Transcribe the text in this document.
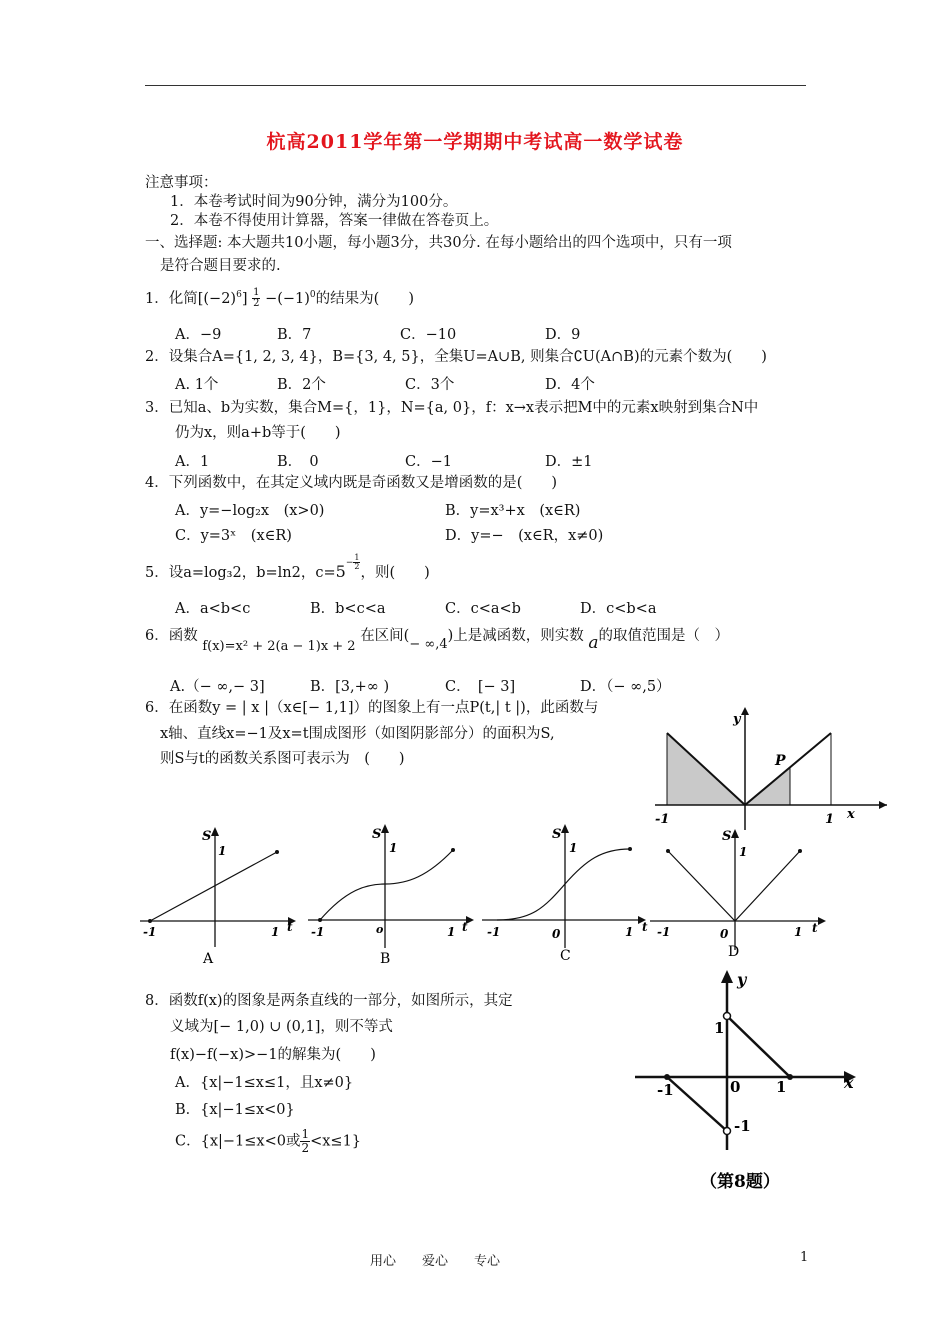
杭高2011学年第一学期期中考试高一数学试卷
注意事项：
1．本卷考试时间为90分钟，满分为100分。
2．本卷不得使用计算器，答案一律做在答卷页上。
一、选择题: 本大题共10小题，每小题3分，共30分. 在每小题给出的四个选项中，只有一项
是符合题目要求的.
1．化简$[(-2)^6] \frac{1}{2} -(-1)^0$的结果为(　　)
A．−9	B．7	C．−10	D．9
2．设集合A={1, 2, 3, 4}，B={3, 4, 5}，全集U=A∪B, 则集合∁U(A∩B)的元素个数为(　　)
A. 1个	B．2个	C．3个	D．4个
3．已知a、b为实数，集合M={，1}，N={a, 0}，f：x→x表示把M中的元素x映射到集合N中
仍为x，则a+b等于(　　)
A．1	B．　0	C．−1	D．±1
4．下列函数中，在其定义域内既是奇函数又是增函数的是(　　)
A．y=−log₂x　(x>0)	B．y=x³+x　(x∈R)
C．y=3ˣ　(x∈R)	D．y=−　(x∈R，x≠0)
5．设a=log₃2，b=ln2，$c=5^{- \frac{1}{2}}$
，则(　　)
A．a<b<c	B．b<c<a	C．c<a<b	D．c<b<a
6．函数 f(x)=x² + 2(a − 1)x + 2 在区间(− ∞,4)上是减函数，则实数 a的取值范围是（　）
A.（− ∞,− 3]	B．[3,+∞ )	C．　[− 3]	D．（− ∞,5）
6．在函数y = | x |（x∈[− 1,1]）的图象上有一点P(t,| t |)，此函数与
x轴、直线x=−1及x=t围成图形（如图阴影部分）的面积为S,
则S与t的函数关系图可表示为　(　　)
y
x
P
-1	1
S
1
-1	1 t
A
S
1
o
-1	1 t
B
S
1
0
-1	1 t
C
S
1
0
-1	1 t
D
8．函数f(x)的图象是两条直线的一部分，如图所示，其定
义域为[− 1,0) ∪ (0,1]，则不等式
f(x)−f(−x)>−1的解集为(　　)
A．{x|−1≤x≤1，且x≠0}
B．{x|−1≤x<0}
C．{x|−1≤x<0或 $\frac{1}{2} <x\le 1$}
y
x
1
0 1
-1
-1
（第8题）
用心　　爱心　　专心	1
